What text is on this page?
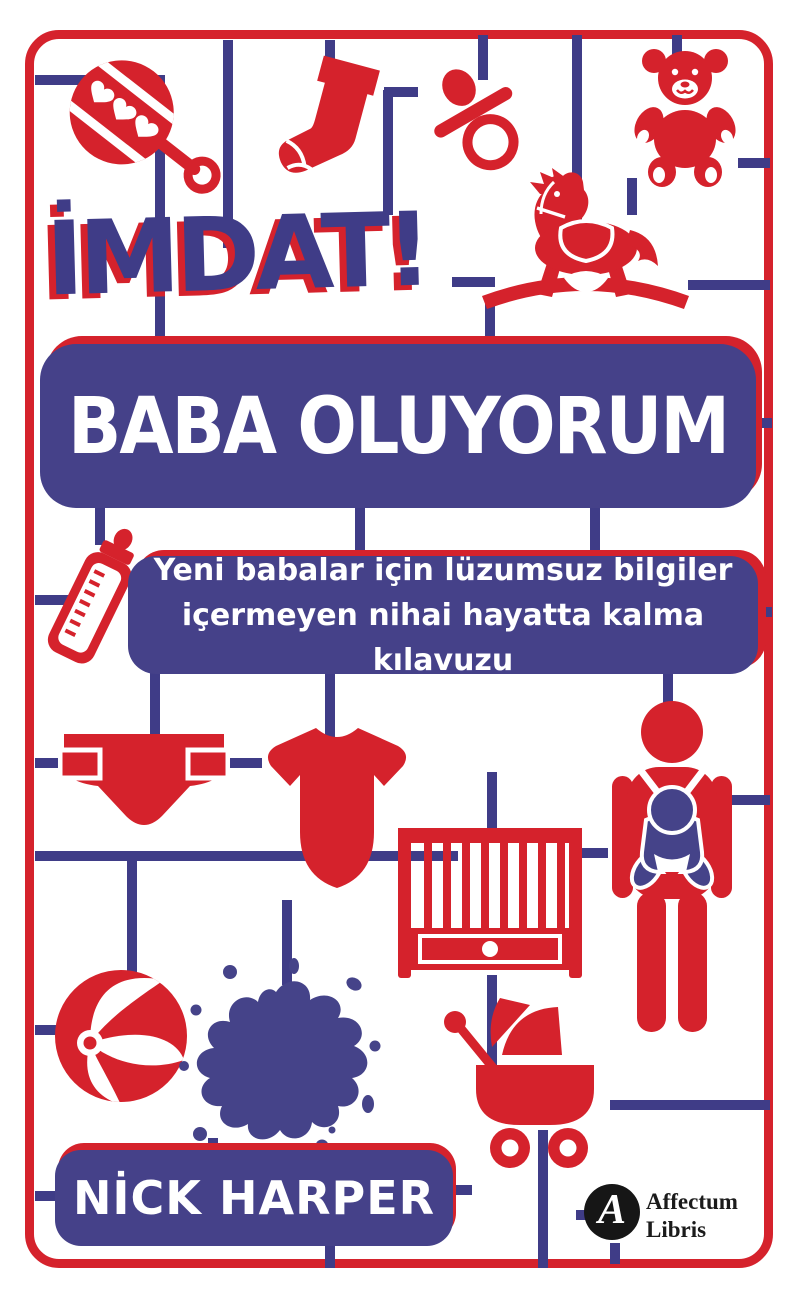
İMDAT!
BABA OLUYORUM
Yeni babalar için lüzumsuz bilgiler
içermeyen nihai hayatta kalma kılavuzu
NİCK HARPER	A Affectum
Libris
